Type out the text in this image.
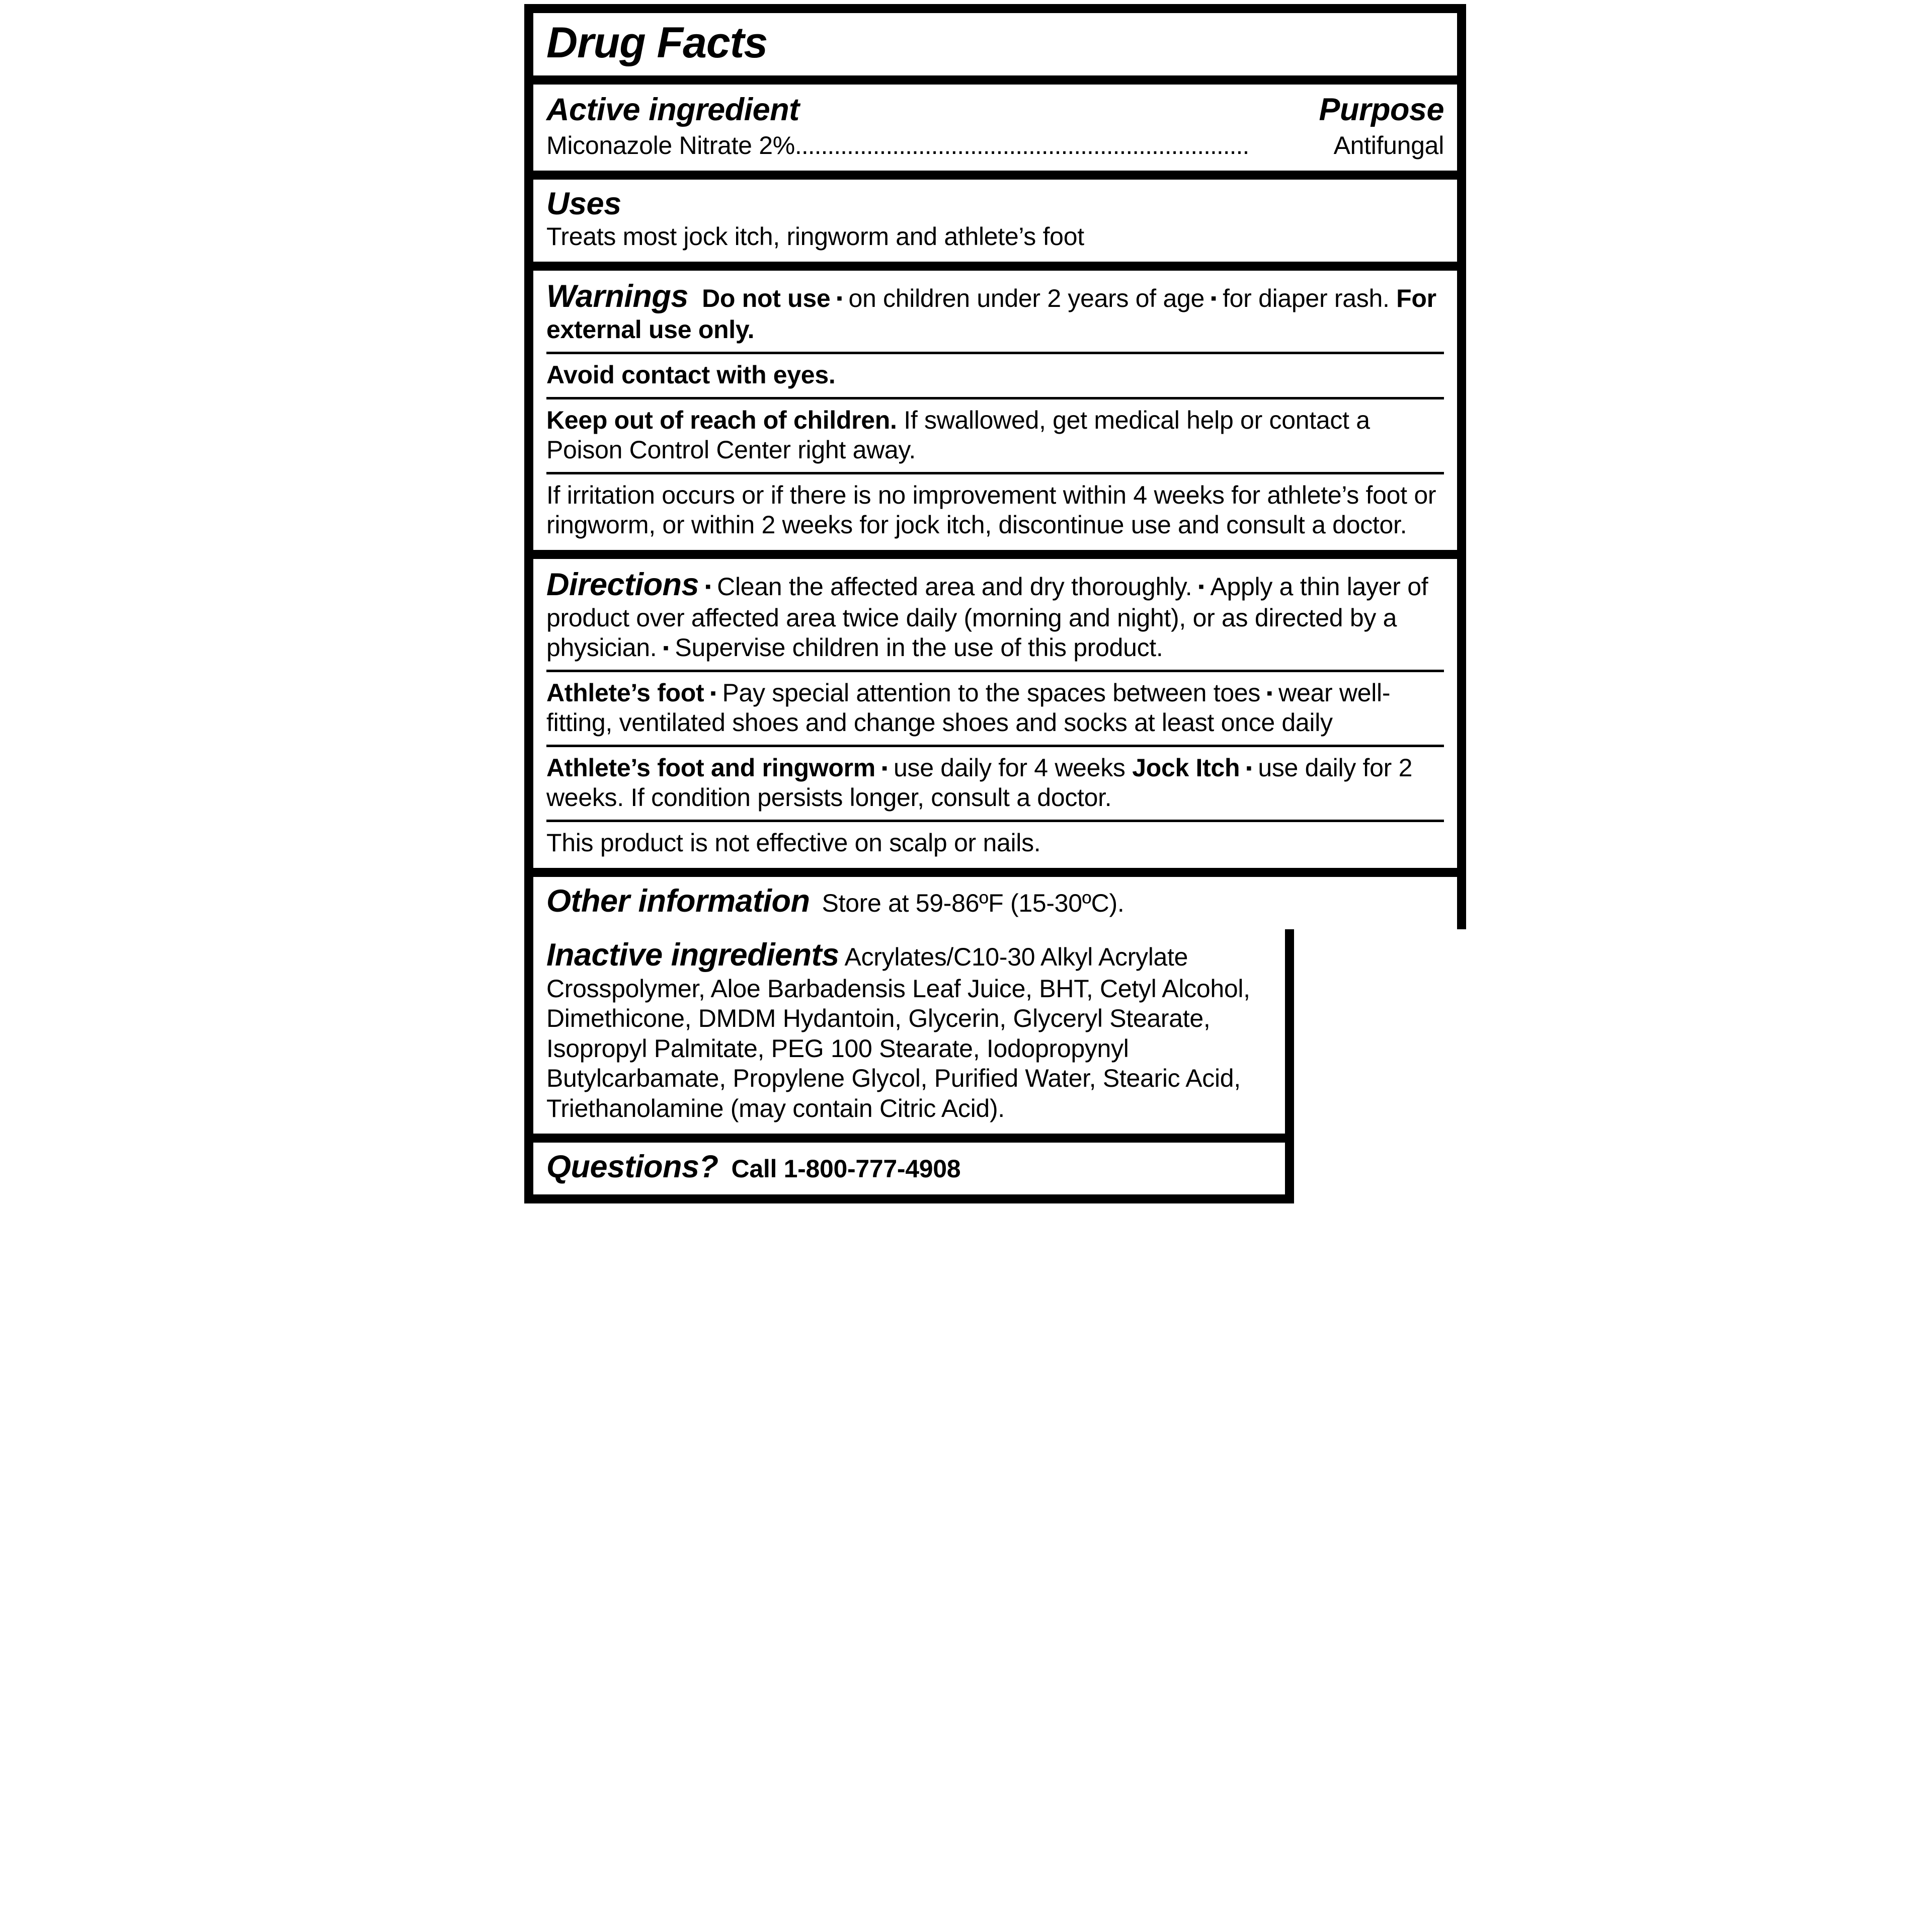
Drug Facts
Active ingredient	Purpose
Miconazole Nitrate 2% ......................................................................	Antifungal
Uses
Treats most jock itch, ringworm and athlete’s foot
Warnings Do not use ▪ on children under 2 years of age ▪ for diaper rash. For external use only.
Avoid contact with eyes.
Keep out of reach of children. If swallowed, get medical help or contact a Poison Control Center right away.
If irritation occurs or if there is no improvement within 4 weeks for athlete’s foot or ringworm, or within 2 weeks for jock itch, discontinue use and consult a doctor.
Directions ▪ Clean the affected area and dry thoroughly. ▪ Apply a thin layer of product over affected area twice daily (morning and night), or as directed by a physician. ▪ Supervise children in the use of this product.
Athlete’s foot ▪ Pay special attention to the spaces between toes ▪ wear well-fitting, ventilated shoes and change shoes and socks at least once daily
Athlete’s foot and ringworm ▪ use daily for 4 weeks Jock Itch ▪ use daily for 2 weeks. If condition persists longer, consult a doctor.
This product is not effective on scalp or nails.
Other information Store at 59-86ºF (15-30ºC).
Inactive ingredients Acrylates/C10-30 Alkyl Acrylate Crosspolymer, Aloe Barbadensis Leaf Juice, BHT, Cetyl Alcohol, Dimethicone, DMDM Hydantoin, Glycerin, Glyceryl Stearate, Isopropyl Palmitate, PEG 100 Stearate, Iodopropynyl Butylcarbamate, Propylene Glycol, Purified Water, Stearic Acid, Triethanolamine (may contain Citric Acid).
Questions? Call 1-800-777-4908
